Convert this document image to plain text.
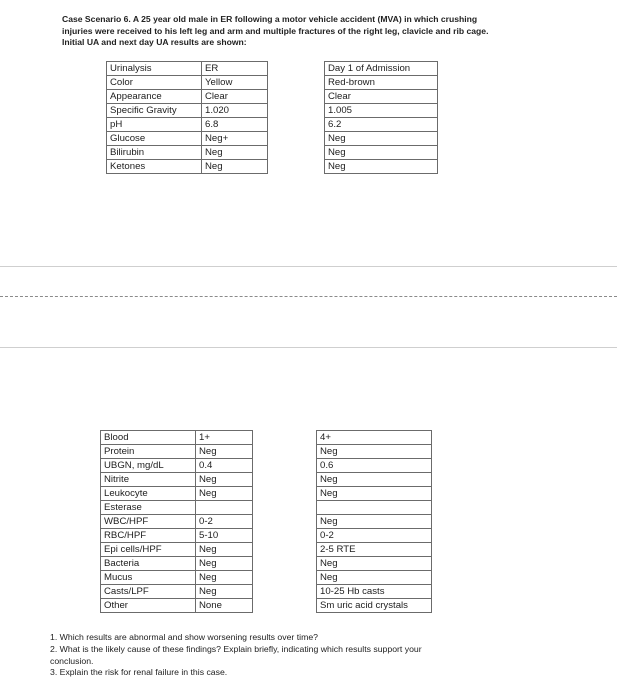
Case Scenario 6. A 25 year old male in ER following a motor vehicle accident (MVA) in which crushing
injuries were received to his left leg and arm and multiple fractures of the right leg, clavicle and rib cage.
Initial UA and next day UA results are shown:
Urinalysis	ER		Day 1 of Admission
Color	Yellow		Red-brown
Appearance	Clear		Clear
Specific Gravity	1.020		1.005
pH	6.8		6.2
Glucose	Neg+		Neg
Bilirubin	Neg		Neg
Ketones	Neg		Neg
Blood	1+		4+
Protein	Neg		Neg
UBGN, mg/dL	0.4		0.6
Nitrite	Neg		Neg
Leukocyte	Neg		Neg
Esterase			
WBC/HPF	0-2		Neg
RBC/HPF	5-10		0-2
Epi cells/HPF	Neg		2-5 RTE
Bacteria	Neg		Neg
Mucus	Neg		Neg
Casts/LPF	Neg		10-25 Hb casts
Other	None		Sm uric acid crystals
1. Which results are abnormal and show worsening results over time?
2. What is the likely cause of these findings? Explain briefly, indicating which results support your
conclusion.
3. Explain the risk for renal failure in this case.
